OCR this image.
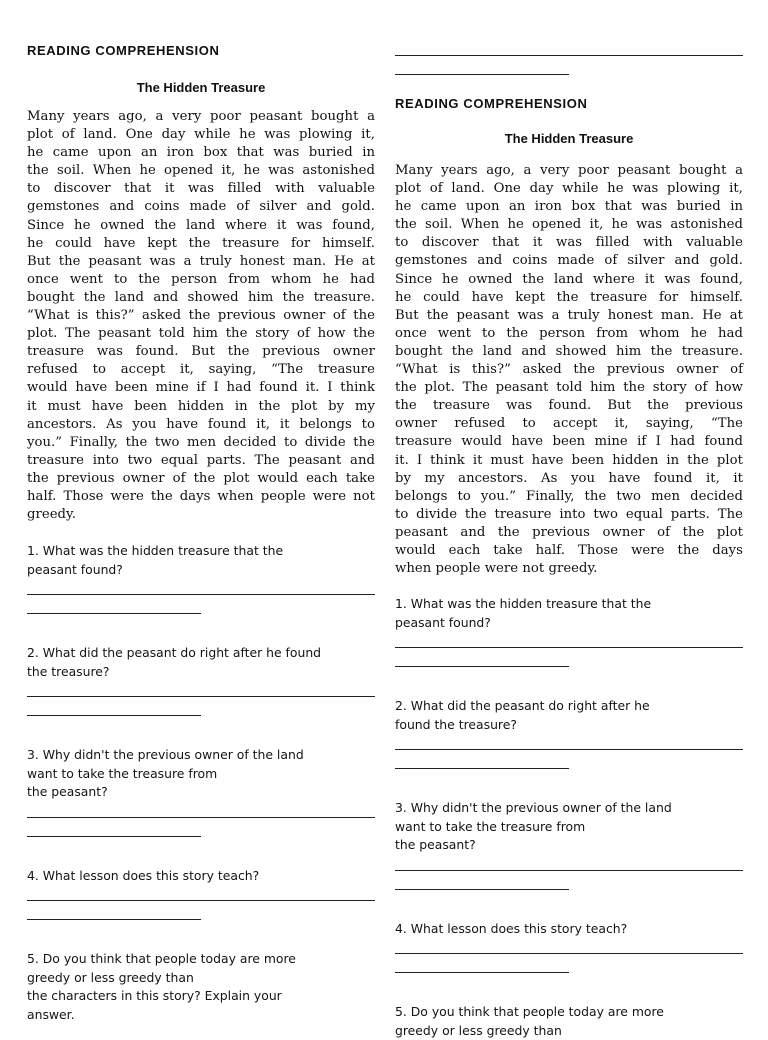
READING COMPREHENSION

The Hidden Treasure

Many years ago, a very poor peasant bought a
plot of land. One day while he was plowing it,
he came upon an iron box that was buried in
the soil. When he opened it, he was astonished
to discover that it was filled with valuable
gemstones and coins made of silver and gold.
Since he owned the land where it was found,
he could have kept the treasure for himself.
But the peasant was a truly honest man. He at
once went to the person from whom he had
bought the land and showed him the treasure.
“What is this?” asked the previous owner of the
plot. The peasant told him the story of how the
treasure was found. But the previous owner
refused to accept it, saying, “The treasure
would have been mine if I had found it. I think
it must have been hidden in the plot by my
ancestors. As you have found it, it belongs to
you.” Finally, the two men decided to divide the
treasure into two equal parts. The peasant and
the previous owner of the plot would each take
half. Those were the days when people were not
greedy.
1. What was the hidden treasure that the
peasant found?
2. What did the peasant do right after he found
the treasure?
3. Why didn't the previous owner of the land
want to take the treasure from
the peasant?
4. What lesson does this story teach?
5. Do you think that people today are more
greedy or less greedy than
the characters in this story? Explain your
answer.

READING COMPREHENSION

The Hidden Treasure

Many years ago, a very poor peasant bought a
plot of land. One day while he was plowing it,
he came upon an iron box that was buried in
the soil. When he opened it, he was astonished
to discover that it was filled with valuable
gemstones and coins made of silver and gold.
Since he owned the land where it was found,
he could have kept the treasure for himself.
But the peasant was a truly honest man. He at
once went to the person from whom he had
bought the land and showed him the treasure.
“What is this?” asked the previous owner of
the plot. The peasant told him the story of how
the treasure was found. But the previous
owner refused to accept it, saying, “The
treasure would have been mine if I had found
it. I think it must have been hidden in the plot
by my ancestors. As you have found it, it
belongs to you.” Finally, the two men decided
to divide the treasure into two equal parts. The
peasant and the previous owner of the plot
would each take half. Those were the days
when people were not greedy.
1. What was the hidden treasure that the
peasant found?
2. What did the peasant do right after he
found the treasure?
3. Why didn't the previous owner of the land
want to take the treasure from
the peasant?
4. What lesson does this story teach?
5. Do you think that people today are more
greedy or less greedy than
